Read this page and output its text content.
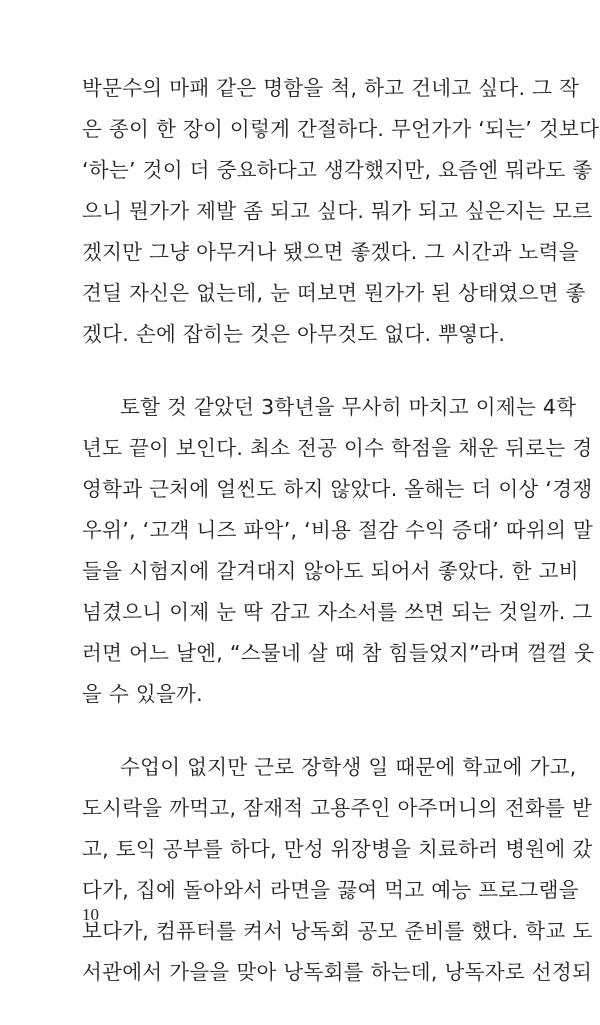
박문수의 마패 같은 명함을 척, 하고 건네고 싶다. 그 작
은 종이 한 장이 이렇게 간절하다. 무언가가 ‘되는’ 것보다
‘하는’ 것이 더 중요하다고 생각했지만, 요즘엔 뭐라도 좋
으니 뭔가가 제발 좀 되고 싶다. 뭐가 되고 싶은지는 모르
겠지만 그냥 아무거나 됐으면 좋겠다. 그 시간과 노력을
견딜 자신은 없는데, 눈 떠보면 뭔가가 된 상태였으면 좋
겠다. 손에 잡히는 것은 아무것도 없다. 뿌옇다.

토할 것 같았던 3학년을 무사히 마치고 이제는 4학
년도 끝이 보인다. 최소 전공 이수 학점을 채운 뒤로는 경
영학과 근처에 얼씬도 하지 않았다. 올해는 더 이상 ‘경쟁
우위’, ‘고객 니즈 파악’, ‘비용 절감 수익 증대’ 따위의 말
들을 시험지에 갈겨대지 않아도 되어서 좋았다. 한 고비
넘겼으니 이제 눈 딱 감고 자소서를 쓰면 되는 것일까. 그
러면 어느 날엔, “스물네 살 때 참 힘들었지”라며 껄껄 웃
을 수 있을까.

수업이 없지만 근로 장학생 일 때문에 학교에 가고,
도시락을 까먹고, 잠재적 고용주인 아주머니의 전화를 받
고, 토익 공부를 하다, 만성 위장병을 치료하러 병원에 갔
다가, 집에 돌아와서 라면을 끓여 먹고 예능 프로그램을
보다가, 컴퓨터를 켜서 낭독회 공모 준비를 했다. 학교 도
서관에서 가을을 맞아 낭독회를 하는데, 낭독자로 선정되

10
